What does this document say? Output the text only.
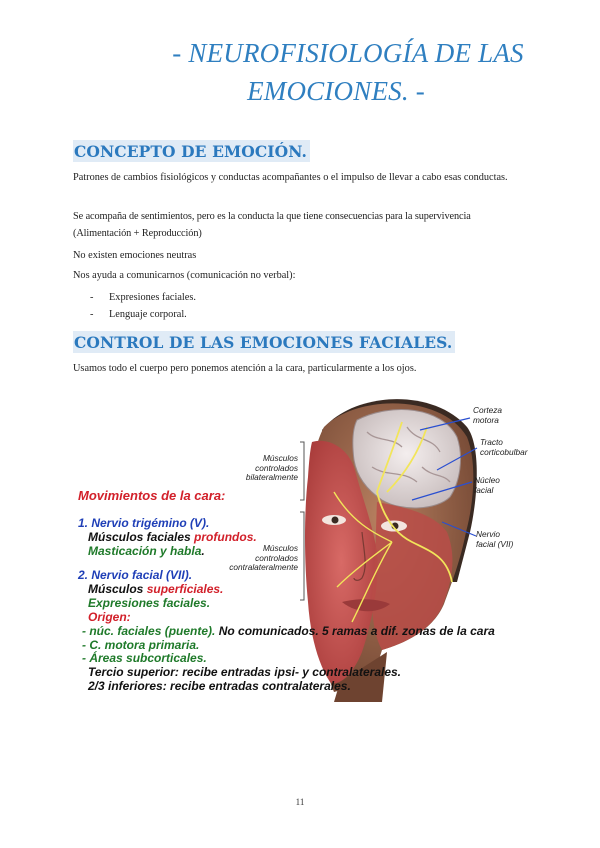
- NEUROFISIOLOGÍA DE LAS
EMOCIONES. -
CONCEPTO DE EMOCIÓN.
Patrones de cambios fisiológicos y conductas acompañantes o el impulso de llevar a cabo esas conductas.
Se acompaña de sentimientos, pero es la conducta la que tiene consecuencias para la supervivencia (Alimentación + Reproducción)
No existen emociones neutras
Nos ayuda a comunicarnos (comunicación no verbal):
- Expresiones faciales.
- Lenguaje corporal.
CONTROL DE LAS EMOCIONES FACIALES.
Usamos todo el cuerpo pero ponemos atención a la cara, particularmente a los ojos.
Corteza
motora
Tracto
corticobulbar
Núcleo
facial
Nervio
facial (VII)
Músculos
controlados
bilateralmente
Músculos
controlados
contralateralmente
Movimientos de la cara:
1. Nervio trigémino (V).
Músculos faciales profundos.
Masticación y habla.
2. Nervio facial (VII).
Músculos superficiales.
Expresiones faciales.
Origen:
- núc. faciales (puente). No comunicados. 5 ramas a dif. zonas de la cara
- C. motora primaria.
- Áreas subcorticales.
Tercio superior: recibe entradas ipsi- y contralaterales.
2/3 inferiores: recibe entradas contralaterales.
11
